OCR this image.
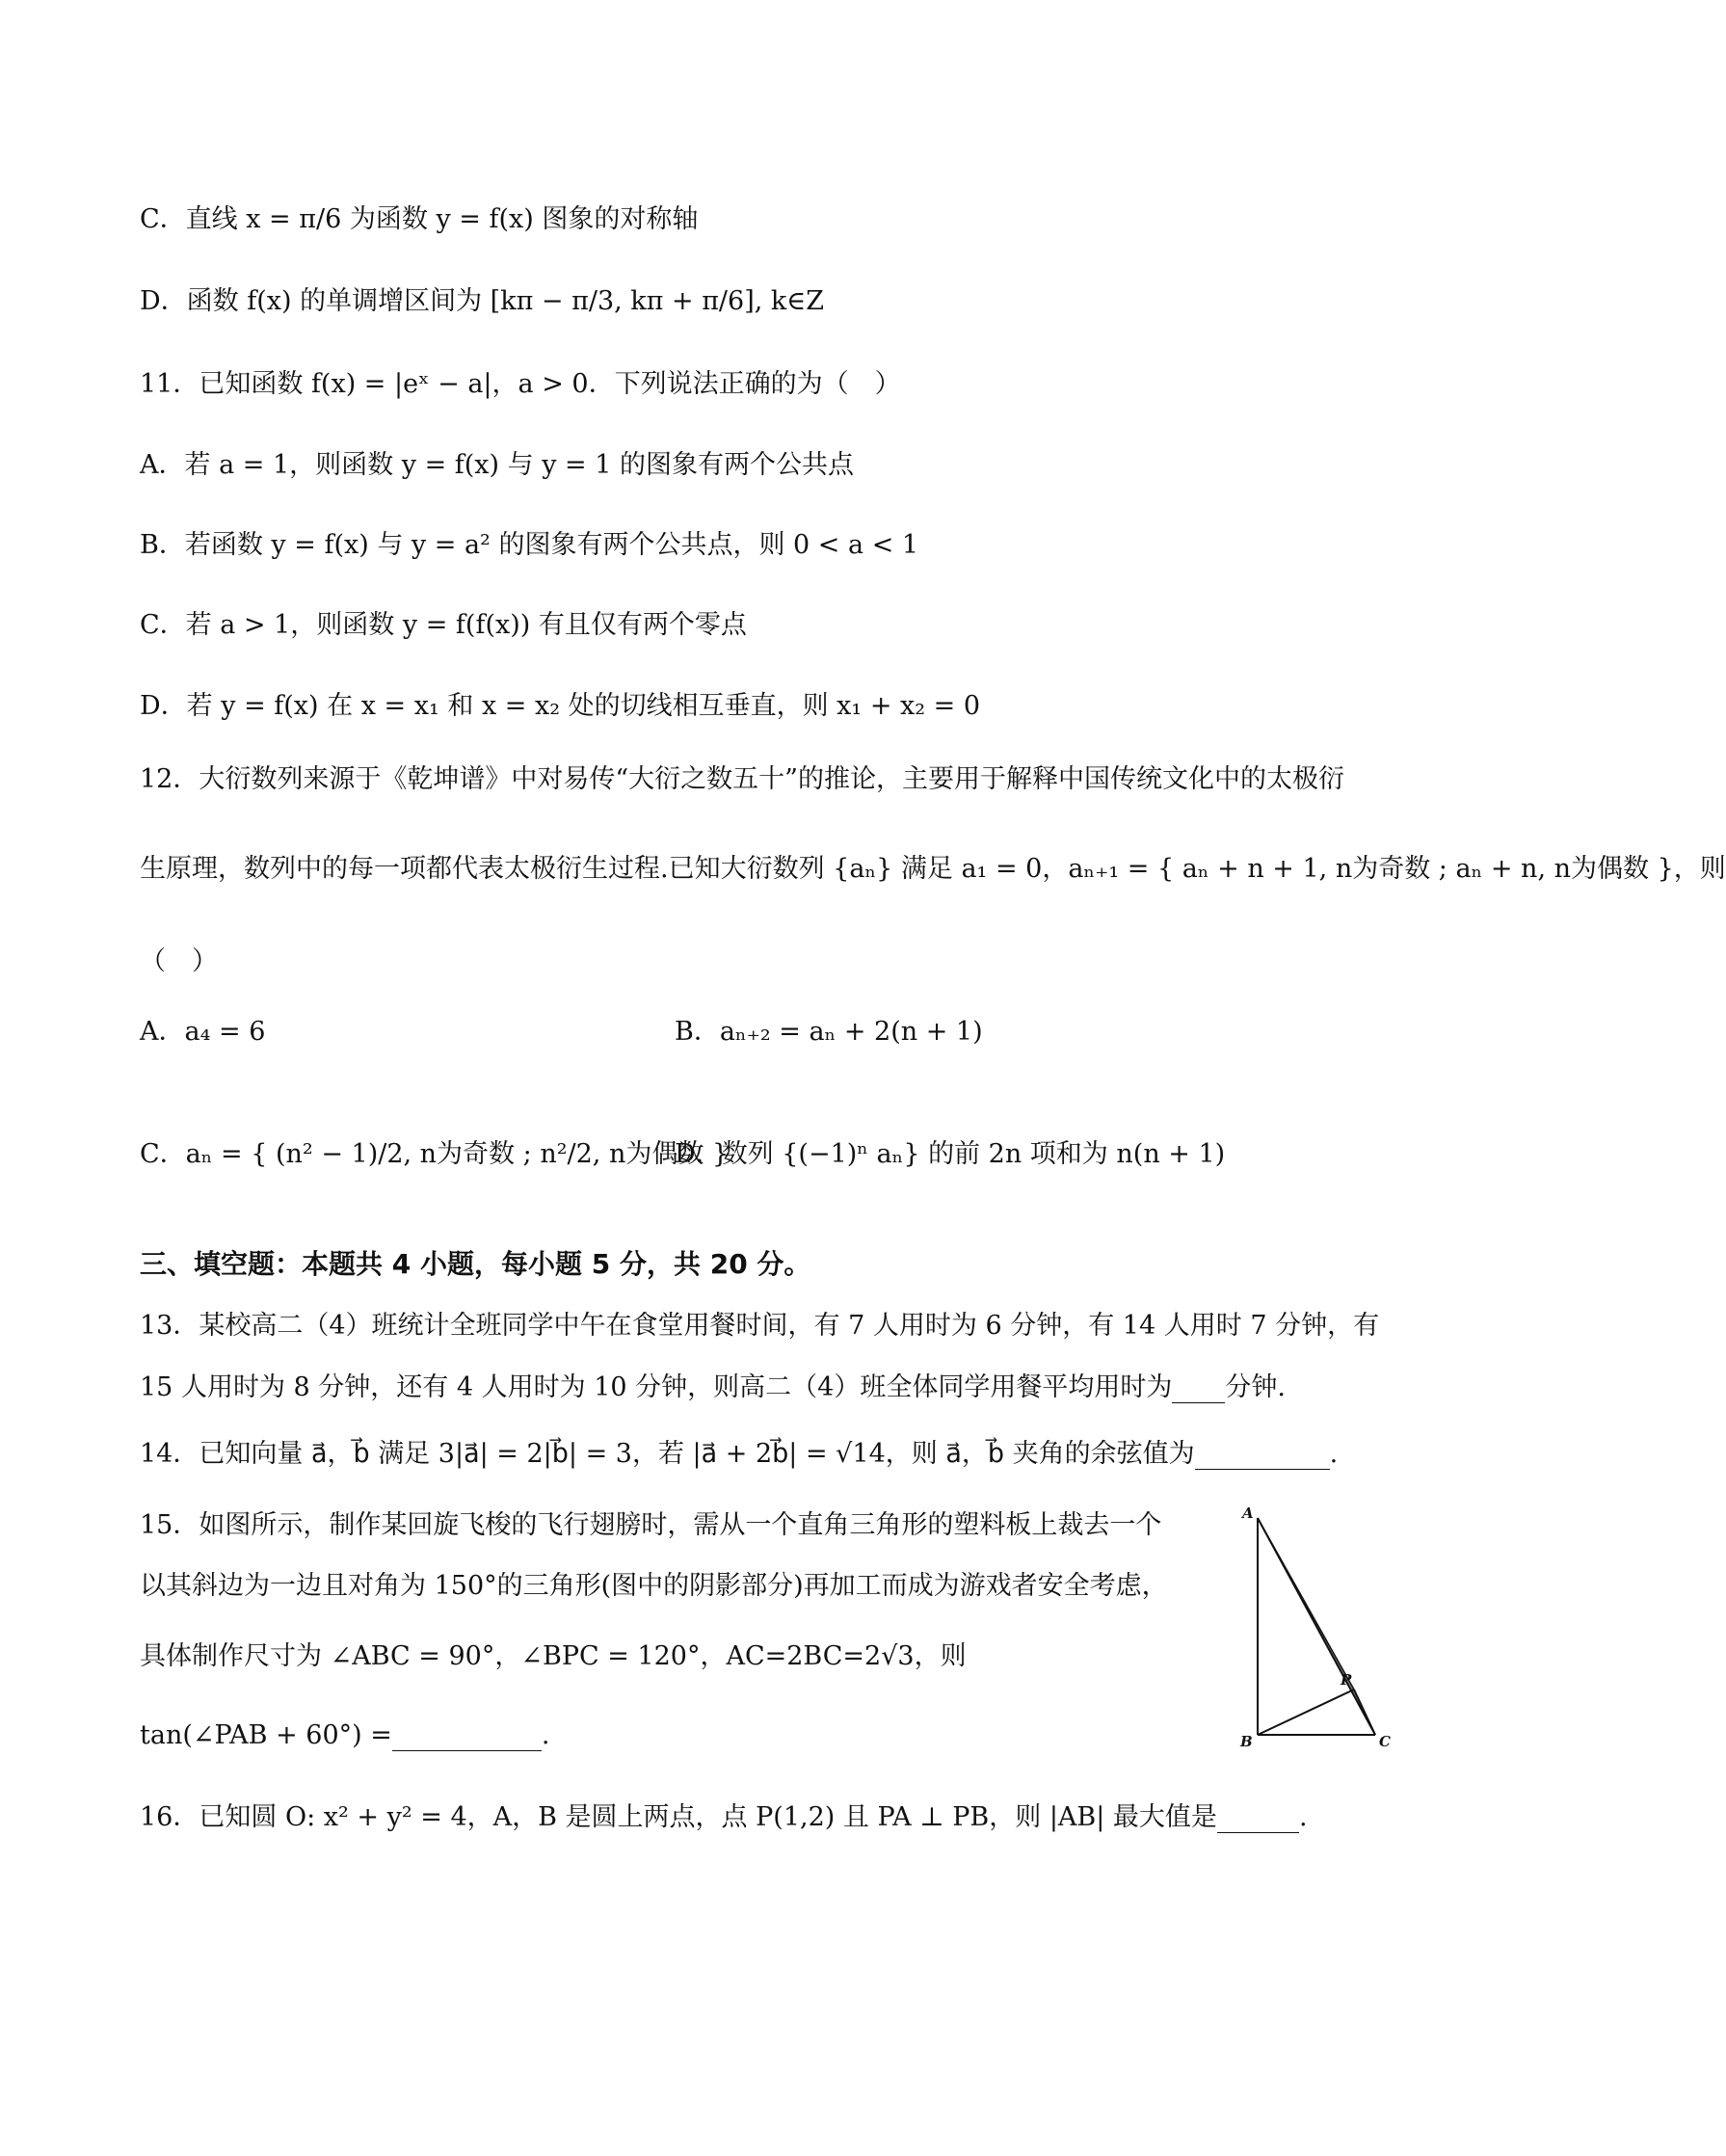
C．直线 x = π/6 为函数 y = f(x) 图象的对称轴
D．函数 f(x) 的单调增区间为 [kπ − π/3, kπ + π/6], k∈Z
11．已知函数 f(x) = |eˣ − a|，a > 0．下列说法正确的为（　）
A．若 a = 1，则函数 y = f(x) 与 y = 1 的图象有两个公共点
B．若函数 y = f(x) 与 y = a² 的图象有两个公共点，则 0 < a < 1
C．若 a > 1，则函数 y = f(f(x)) 有且仅有两个零点
D．若 y = f(x) 在 x = x₁ 和 x = x₂ 处的切线相互垂直，则 x₁ + x₂ = 0
12．大衍数列来源于《乾坤谱》中对易传“大衍之数五十”的推论，主要用于解释中国传统文化中的太极衍
生原理，数列中的每一项都代表太极衍生过程.已知大衍数列 {aₙ} 满足 a₁ = 0，aₙ₊₁ = { aₙ + n + 1, n为奇数 ; aₙ + n, n为偶数 }，则
（　）
A．a₄ = 6	B．aₙ₊₂ = aₙ + 2(n + 1)
C．aₙ = { (n² − 1)/2, n为奇数 ; n²/2, n为偶数 }
D．数列 {(−1)ⁿ aₙ} 的前 2n 项和为 n(n + 1)
三、填空题：本题共 4 小题，每小题 5 分，共 20 分。
13．某校高二（4）班统计全班同学中午在食堂用餐时间，有 7 人用时为 6 分钟，有 14 人用时 7 分钟，有
15 人用时为 8 分钟，还有 4 人用时为 10 分钟，则高二（4）班全体同学用餐平均用时为 分钟.
14．已知向量 a⃗，b⃗ 满足 3|a⃗| = 2|b⃗| = 3，若 |a⃗ + 2b⃗| = √14，则 a⃗，b⃗ 夹角的余弦值为	.
15．如图所示，制作某回旋飞梭的飞行翅膀时，需从一个直角三角形的塑料板上裁去一个
以其斜边为一边且对角为 150°的三角形(图中的阴影部分)再加工而成为游戏者安全考虑，
具体制作尺寸为 ∠ABC = 90°，∠BPC = 120°，AC=2BC=2√3，则
tan(∠PAB + 60°) =	.
16．已知圆 O: x² + y² = 4，A，B 是圆上两点，点 P(1,2) 且 PA ⊥ PB，则 |AB| 最大值是	.
A
B	C
P
